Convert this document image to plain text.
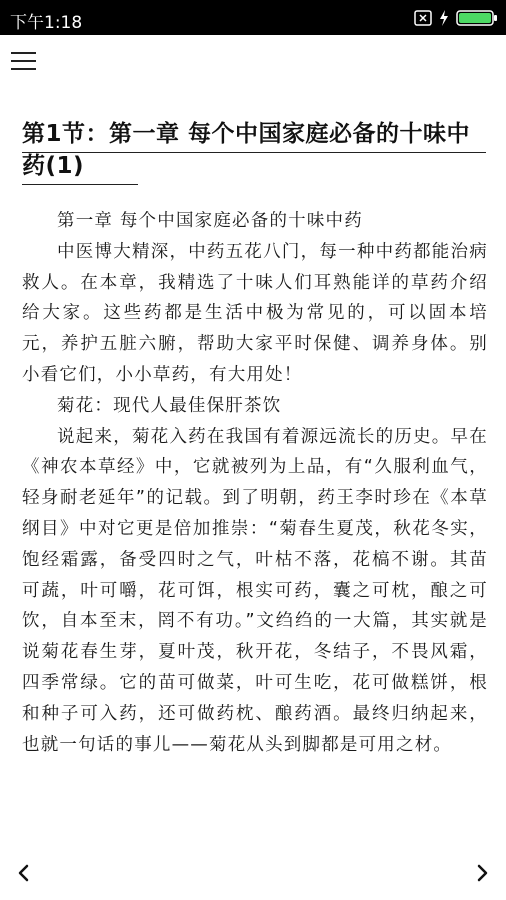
下午1:18
第1节：第一章 每个中国家庭必备的十味中药(1)

第一章 每个中国家庭必备的十味中药

中医博大精深，中药五花八门，每一种中药都能治病救人。在本章，我精选了十味人们耳熟能详的草药介绍给大家。这些药都是生活中极为常见的，可以固本培元，养护五脏六腑，帮助大家平时保健、调养身体。别小看它们，小小草药，有大用处！

菊花：现代人最佳保肝茶饮

说起来，菊花入药在我国有着源远流长的历史。早在《神农本草经》中，它就被列为上品，有“久服利血气，轻身耐老延年”的记载。到了明朝，药王李时珍在《本草纲目》中对它更是倍加推崇：“菊春生夏茂，秋花冬实，饱经霜露，备受四时之气，叶枯不落，花槁不谢。其苗可蔬，叶可嚼，花可饵，根实可药，囊之可枕，酿之可饮，自本至末，罔不有功。”文绉绉的一大篇，其实就是说菊花春生芽，夏叶茂，秋开花，冬结子，不畏风霜，四季常绿。它的苗可做菜，叶可生吃，花可做糕饼，根和种子可入药，还可做药枕、酿药酒。最终归纳起来，也就一句话的事儿——菊花从头到脚都是可用之材。
